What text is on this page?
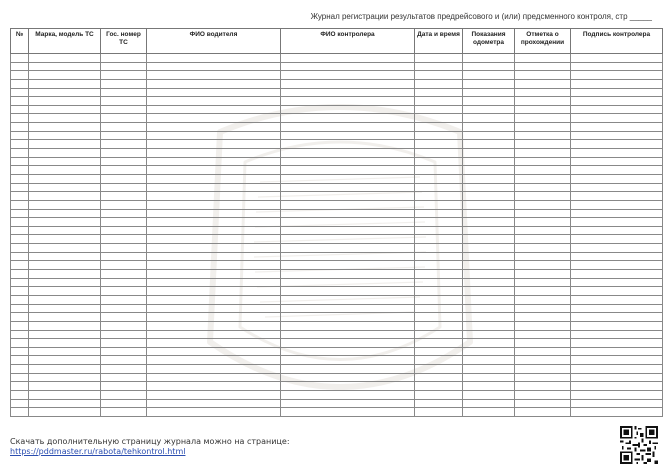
Журнал регистрации результатов предрейсового и (или) предсменного контроля, стр _____
№	Марка, модель ТС	Гос. номер ТС	ФИО водителя	ФИО контролера	Дата и время	Показания одометра	Отметка о прохождении	Подпись контролера

Скачать дополнительную страницу журнала можно на странице:
https://pddmaster.ru/rabota/tehkontrol.html
